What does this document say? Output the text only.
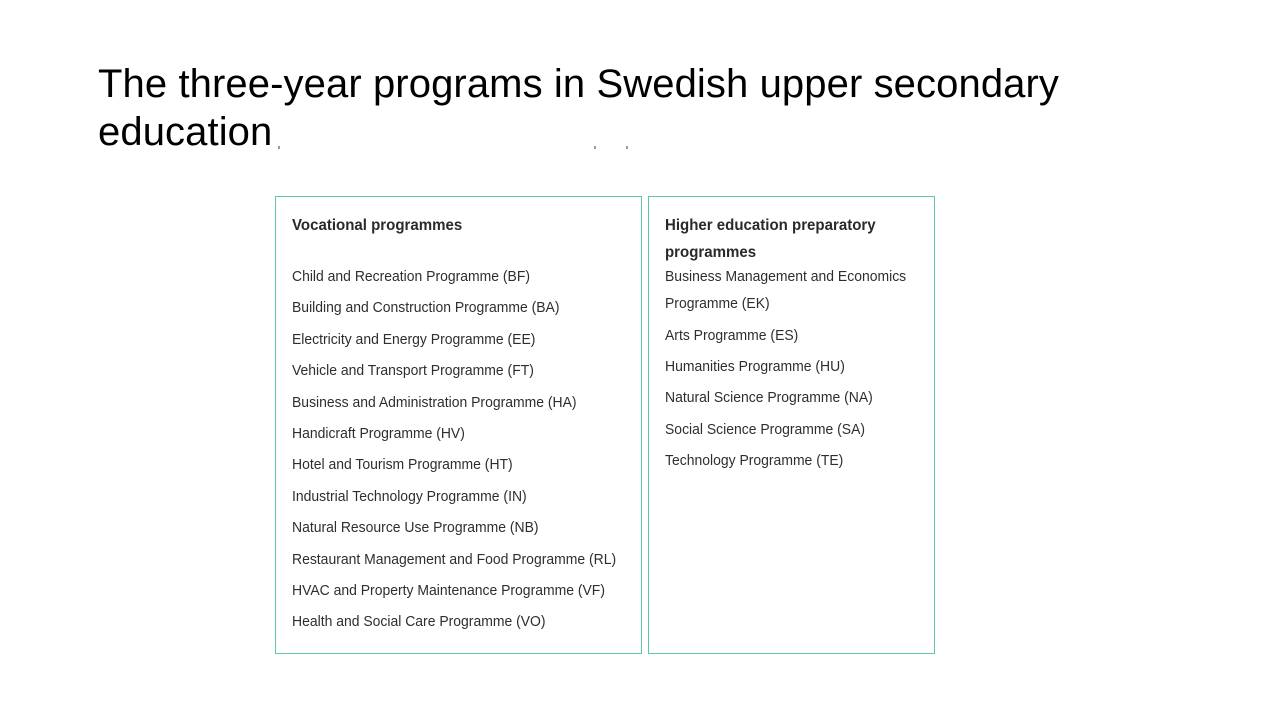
The three-year programs in Swedish upper secondary education
Vocational programmes
Child and Recreation Programme (BF)
Building and Construction Programme (BA)
Electricity and Energy Programme (EE)
Vehicle and Transport Programme (FT)
Business and Administration Programme (HA)
Handicraft Programme (HV)
Hotel and Tourism Programme (HT)
Industrial Technology Programme (IN)
Natural Resource Use Programme (NB)
Restaurant Management and Food Programme (RL)
HVAC and Property Maintenance Programme (VF)
Health and Social Care Programme (VO)
Higher education preparatory programmes
Business Management and Economics Programme (EK)
Arts Programme (ES)
Humanities Programme (HU)
Natural Science Programme (NA)
Social Science Programme (SA)
Technology Programme (TE)
